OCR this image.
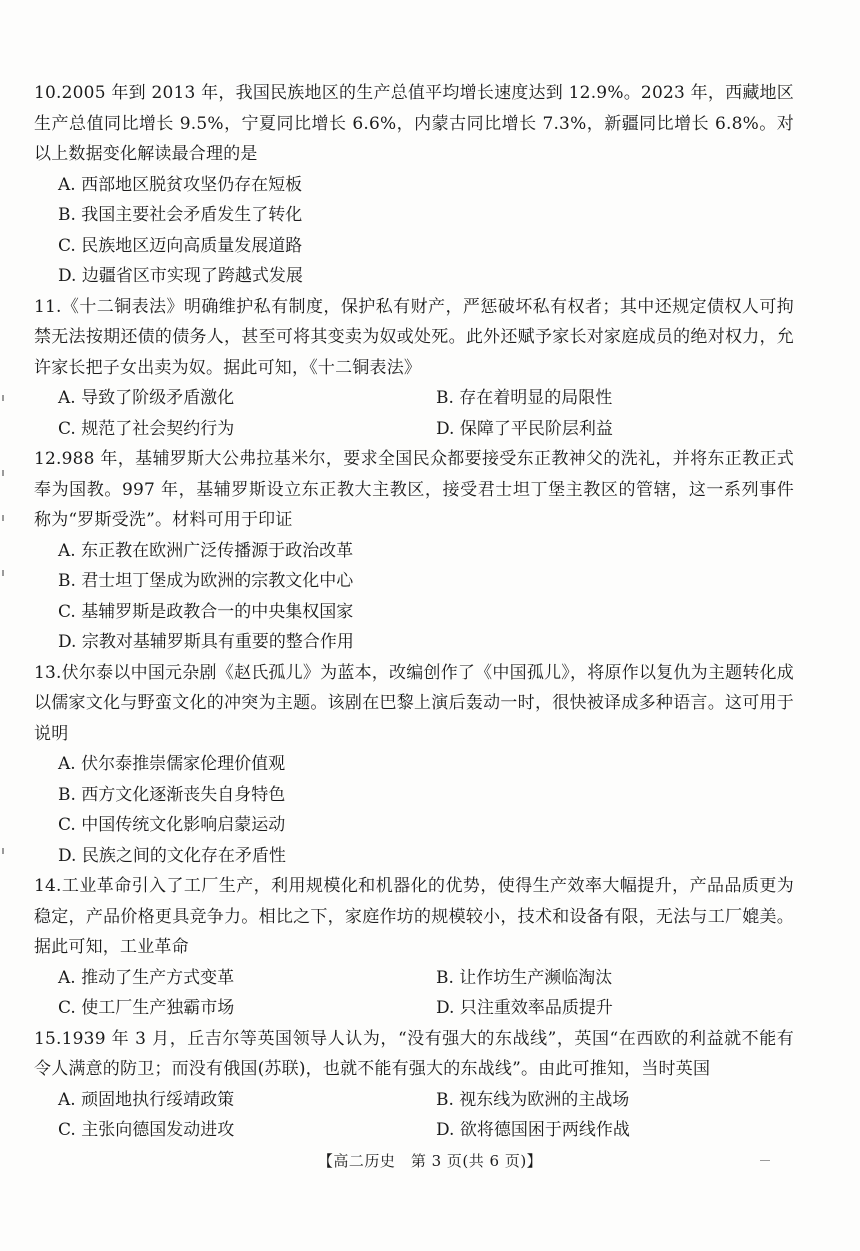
10.2005 年到 2013 年，我国民族地区的生产总值平均增长速度达到 12.9%。2023 年，西藏地区生产总值同比增长 9.5%，宁夏同比增长 6.6%，内蒙古同比增长 7.3%，新疆同比增长 6.8%。对以上数据变化解读最合理的是

A. 西部地区脱贫攻坚仍存在短板
B. 我国主要社会矛盾发生了转化
C. 民族地区迈向高质量发展道路
D. 边疆省区市实现了跨越式发展

11.《十二铜表法》明确维护私有制度，保护私有财产，严惩破坏私有权者；其中还规定债权人可拘禁无法按期还债的债务人，甚至可将其变卖为奴或处死。此外还赋予家长对家庭成员的绝对权力，允许家长把子女出卖为奴。据此可知，《十二铜表法》

A. 导致了阶级矛盾激化	B. 存在着明显的局限性
C. 规范了社会契约行为	D. 保障了平民阶层利益

12.988 年，基辅罗斯大公弗拉基米尔，要求全国民众都要接受东正教神父的洗礼，并将东正教正式奉为国教。997 年，基辅罗斯设立东正教大主教区，接受君士坦丁堡主教区的管辖，这一系列事件称为“罗斯受洗”。材料可用于印证

A. 东正教在欧洲广泛传播源于政治改革
B. 君士坦丁堡成为欧洲的宗教文化中心
C. 基辅罗斯是政教合一的中央集权国家
D. 宗教对基辅罗斯具有重要的整合作用

13.伏尔泰以中国元杂剧《赵氏孤儿》为蓝本，改编创作了《中国孤儿》，将原作以复仇为主题转化成以儒家文化与野蛮文化的冲突为主题。该剧在巴黎上演后轰动一时，很快被译成多种语言。这可用于说明

A. 伏尔泰推崇儒家伦理价值观
B. 西方文化逐渐丧失自身特色
C. 中国传统文化影响启蒙运动
D. 民族之间的文化存在矛盾性

14.工业革命引入了工厂生产，利用规模化和机器化的优势，使得生产效率大幅提升，产品品质更为稳定，产品价格更具竞争力。相比之下，家庭作坊的规模较小，技术和设备有限，无法与工厂媲美。据此可知，工业革命

A. 推动了生产方式变革	B. 让作坊生产濒临淘汰
C. 使工厂生产独霸市场	D. 只注重效率品质提升

15.1939 年 3 月，丘吉尔等英国领导人认为，“没有强大的东战线”，英国“在西欧的利益就不能有令人满意的防卫；而没有俄国(苏联)，也就不能有强大的东战线”。由此可推知，当时英国

A. 顽固地执行绥靖政策	B. 视东线为欧洲的主战场
C. 主张向德国发动进攻	D. 欲将德国困于两线作战
【高二历史　第 3 页(共 6 页)】
